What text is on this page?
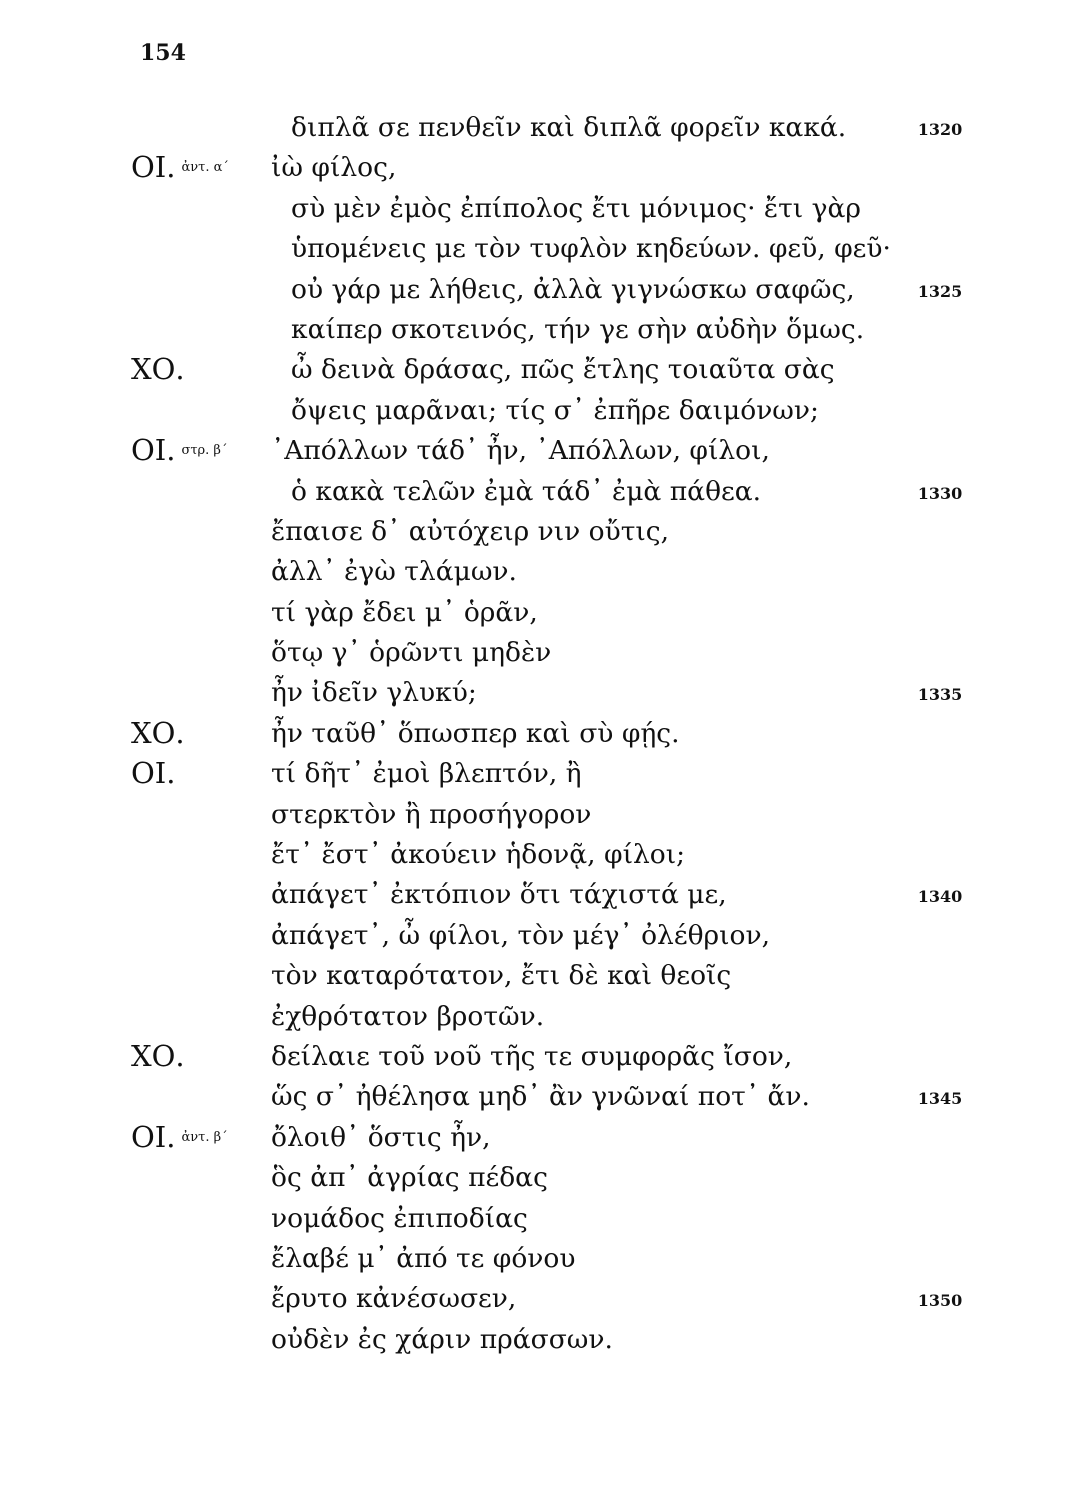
154
διπλᾶ σε πενθεῖν καὶ διπλᾶ φορεῖν κακά.	1320
ΟΙ. $^{ἀ\nu\tau. \alpha´}$ ἰὼ φίλος,
σὺ μὲν ἐμὸς ἐπίπολος ἔτι μόνιμος· ἔτι γὰρ
ὑπομένεις με τὸν τυφλὸν κηδεύων. φεῦ, φεῦ·
οὐ γάρ με λήθεις, ἀλλὰ γιγνώσκω σαφῶς,	1325
καίπερ σκοτεινός, τήν γε σὴν αὐδὴν ὅμως.
ΧΟ.	ὦ δεινὰ δράσας, πῶς ἔτλης τοιαῦτα σὰς
ὄψεις μαρᾶναι; τίς σ᾽ ἐπῆρε δαιμόνων;
ΟΙ. $^{\sigma\tau\rho. \beta´}$ ᾽Απόλλων τάδ᾽ ἦν, ᾽Απόλλων, φίλοι,
ὁ κακὰ τελῶν ἐμὰ τάδ᾽ ἐμὰ πάθεα.	1330
ἔπαισε δ᾽ αὐτόχειρ νιν οὔτις,
ἀλλ᾽ ἐγὼ τλάμων.
τί γὰρ ἔδει μ᾽ ὁρᾶν,
ὅτῳ γ᾽ ὁρῶντι μηδὲν
ἦν ἰδεῖν γλυκύ;	1335
ΧΟ.	ἦν ταῦθ᾽ ὅπωσπερ καὶ σὺ φῄς.
ΟΙ.	τί δῆτ᾽ ἐμοὶ βλεπτόν, ἢ
στερκτὸν ἢ προσήγορον
ἔτ᾽ ἔστ᾽ ἀκούειν ἡδονᾷ, φίλοι;
ἀπάγετ᾽ ἐκτόπιον ὅτι τάχιστά με,	1340
ἀπάγετ᾽, ὦ φίλοι, τὸν μέγ᾽ ὀλέθριον,
τὸν καταρότατον, ἔτι δὲ καὶ θεοῖς
ἐχθρότατον βροτῶν.
ΧΟ.	δείλαιε τοῦ νοῦ τῆς τε συμφορᾶς ἴσον,
ὥς σ᾽ ἠθέλησα μηδ᾽ ἂν γνῶναί ποτ᾽ ἄν.	1345
ΟΙ. $^{ἀ\nu\tau. \beta´}$ ὄλοιθ᾽ ὅστις ἦν,
ὃς ἀπ᾽ ἀγρίας πέδας
νομάδος ἐπιποδίας
ἔλαβέ μ᾽ ἀπό τε φόνου
ἔρυτο κἀνέσωσεν,	1350
οὐδὲν ἐς χάριν πράσσων.
